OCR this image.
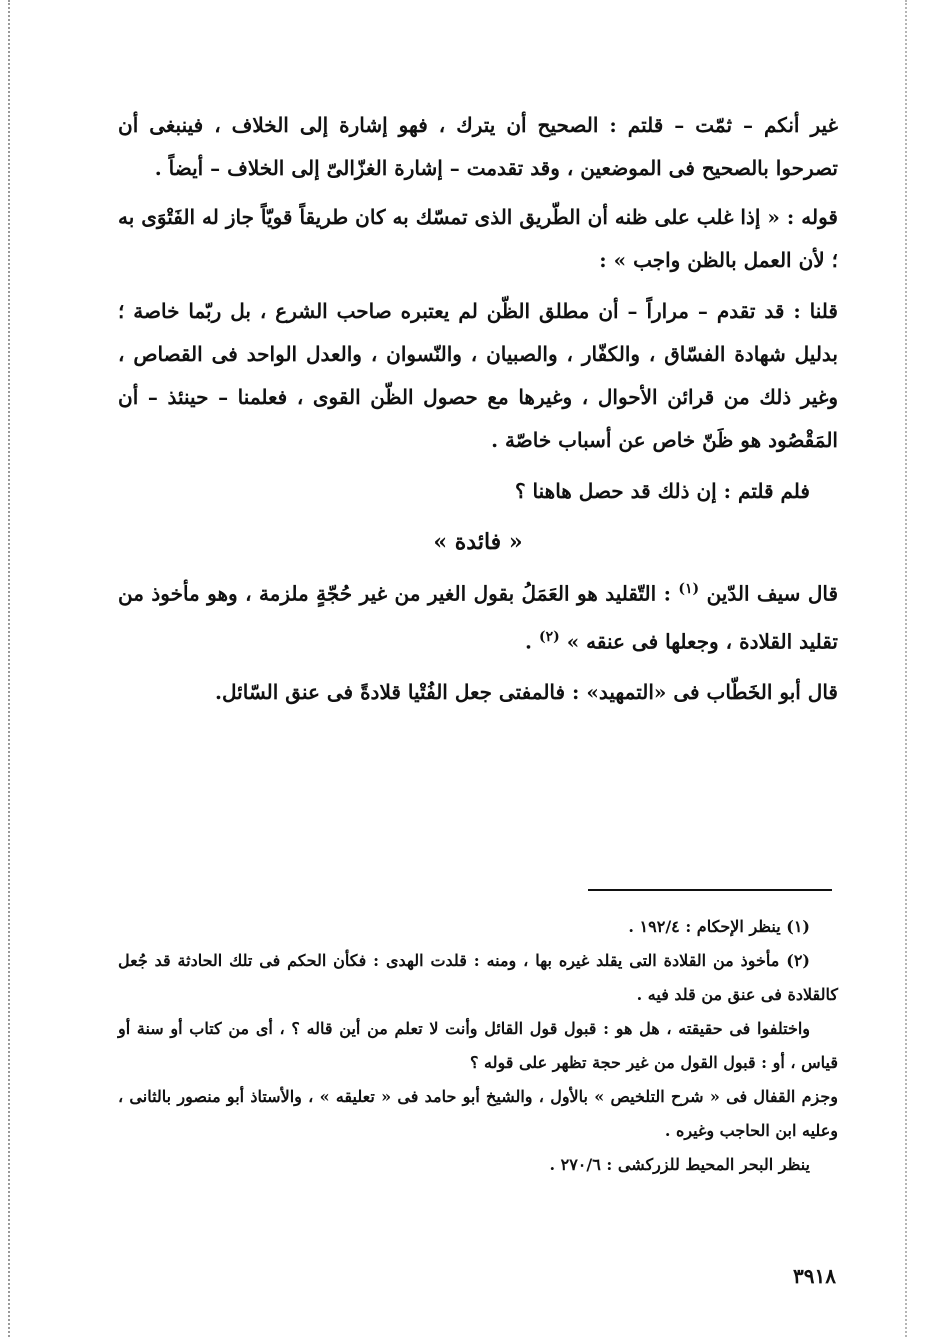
غير أنكم – ثمّت – قلتم : الصحيح أن يترك ، فهو إشارة إلى الخلاف ، فينبغى أن تصرحوا بالصحيح فى الموضعين ، وقد تقدمت – إشارة الغزّالىّ إلى الخلاف – أيضاً .

قوله : « إذا غلب على ظنه أن الطّريق الذى تمسّك به كان طريقاً قويّاً جاز له الفَتْوَى به ؛ لأن العمل بالظن واجب » :

قلنا : قد تقدم – مراراً – أن مطلق الظّن لم يعتبره صاحب الشرع ، بل ربّما خاصة ؛ بدليل شهادة الفسّاق ، والكفّار ، والصبيان ، والنّسوان ، والعدل الواحد فى القصاص ، وغير ذلك من قرائن الأحوال ، وغيرها مع حصول الظّن القوى ، فعلمنا – حينئذ – أن المَقْصُود هو ظَنّ خاص عن أسباب خاصّة .

فلم قلتم : إن ذلك قد حصل هاهنا ؟

« فائدة »

قال سيف الدّين $^{(١)}$ : التّقليد هو العَمَلُ بقول الغير من غير حُجّةٍ ملزمة ، وهو مأخوذ من تقليد القلادة ، وجعلها فى عنقه » $^{(٢)}$ .

قال أبو الخَطّاب فى «التمهيد» : فالمفتى جعل الفُتْيا قلادةً فى عنق السّائل.

(١) ينظر الإحكام : ١٩٢/٤ .

(٢) مأخوذ من القلادة التى يقلد غيره بها ، ومنه : قلدت الهدى : فكأن الحكم فى تلك الحادثة قد جُعل كالقلادة فى عنق من قلد فيه .

واختلفوا فى حقيقته ، هل هو : قبول قول القائل وأنت لا تعلم من أين قاله ؟ ، أى من كتاب أو سنة أو قياس ، أو : قبول القول من غير حجة تظهر على قوله ؟

وجزم القفال فى « شرح التلخيص » بالأول ، والشيخ أبو حامد فى « تعليقه » ، والأستاذ أبو منصور بالثانى ، وعليه ابن الحاجب وغيره .

ينظر البحر المحيط للزركشى : ٢٧٠/٦ .

٣٩١٨
